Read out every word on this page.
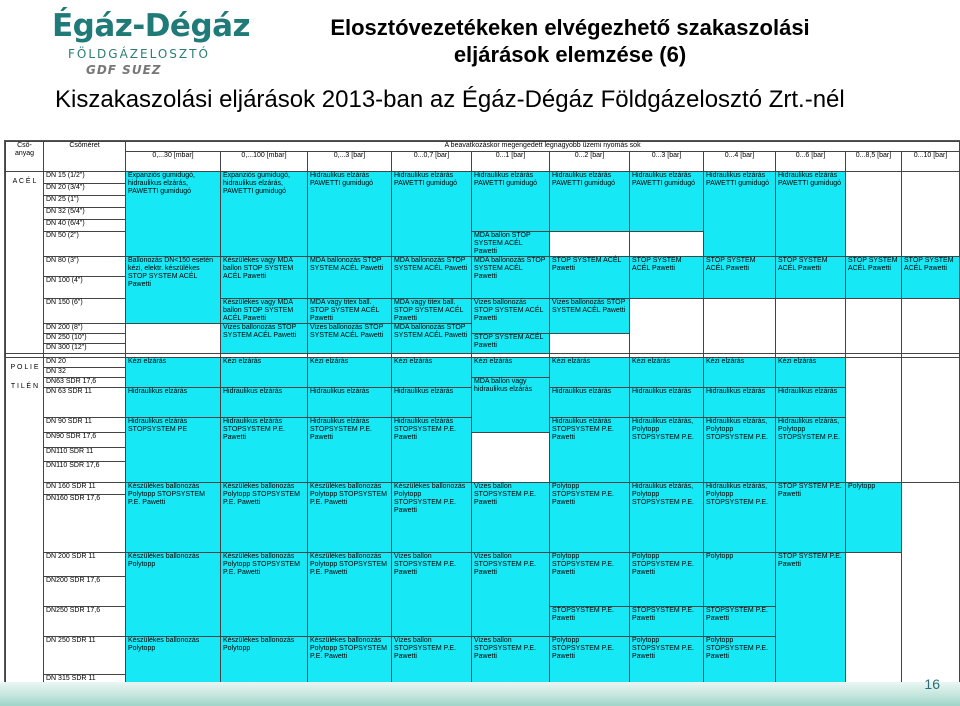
Égáz-Dégáz
FÖLDGÁZELOSZTÓ
GDF SUEZ
Elosztóvezetékeken elvégezhető szakaszolási
eljárások elemzése (6)
Kiszakaszolási eljárások 2013-ban az Égáz-Dégáz Földgázelosztó Zrt.-nél
Cső-anyag	Csőméret	A beavatkozáskor megengedett legnagyobb üzemi nyomás sok											
		0,...30 [mbar]	0,...100 [mbar]	0,...3 [bar]	0...0,7 [bar]	0...1 [bar]	0...2 [bar]	0...3 [bar]	0...4 [bar]	0...6 [bar]	0...8,5 [bar]	0...10 [bar]	
A C É L	DN 15 (1/2")	Expanziós gumidugó, hidraulikus elzárás, PAWETTI gumidugó	Expanziós gumidugó, hidraulikus elzárás, PAWETTI gumidugó	Hidraulikus elzárás PAWETTI gumidugó	Hidraulikus elzárás PAWETTI gumidugó	Hidraulikus elzárás PAWETTI gumidugó	Hidraulikus elzárás PAWETTI gumidugó	Hidraulikus elzárás PAWETTI gumidugó	Hidraulikus elzárás PAWETTI gumidugó	Hidraulikus elzárás PAWETTI gumidugó			
	DN 20 (3/4")												
	DN 25 (1")												
	DN 32 (5/4")												
	DN 40 (6/4")												
	DN 50 (2")					MDA ballon STOP SYSTEM ACÉL Pawetti							
	DN 80 (3")	Ballonozás DN<150 esetén kézi, elektr. készülékes STOP SYSTEM ACÉL Pawetti	Készülékes vagy MDA ballon STOP SYSTEM ACÉL Pawetti	MDA ballonozás STOP SYSTEM ACÉL Pawetti	MDA ballonozás STOP SYSTEM ACÉL Pawetti	MDA ballonozás STOP SYSTEM ACÉL Pawetti	STOP SYSTEM ACÉL Pawetti	STOP SYSTEM ACÉL Pawetti	STOP SYSTEM ACÉL Pawetti	STOP SYSTEM ACÉL Pawetti	STOP SYSTEM ACÉL Pawetti	STOP SYSTEM ACÉL Pawetti	
	DN 100 (4")												
	DN 150 (6")		Készülékes vagy MDA ballon STOP SYSTEM ACÉL Pawetti	MDA vagy titex ball. STOP SYSTEM ACÉL Pawetti	MDA vagy titex ball. STOP SYSTEM ACÉL Pawetti	Vizes ballonozás STOP SYSTEM ACÉL Pawetti	Vizes ballonozás STOP SYSTEM ACÉL Pawetti						
	DN 200 (8")		Vizes ballonozás STOP SYSTEM ACÉL Pawetti	Vizes ballonozás STOP SYSTEM ACÉL Pawetti	MDA ballonozás STOP SYSTEM ACÉL Pawetti								
	DN 250 (10")					STOP SYSTEM ACÉL Pawetti							
	DN 300 (12")												

P O L I E T I L É N	DN 20	Kézi elzárás	Kézi elzárás	Kézi elzárás	Kézi elzárás	Kézi elzárás	Kézi elzárás	Kézi elzárás	Kézi elzárás	Kézi elzárás			
	DN 32												
	DN63 SDR 17,6					MDA ballon vagy hidraulikus elzárás							
	DN 63 SDR 11	Hidraulikus elzárás	Hidraulikus elzárás	Hidraulikus elzárás	Hidraulikus elzárás		Hidraulikus elzárás	Hidraulikus elzárás	Hidraulikus elzárás	Hidraulikus elzárás			
	DN 90 SDR 11	Hidraulikus elzárás STOPSYSTEM PE	Hidraulikus elzárás STOPSYSTEM P.E. Pawetti	Hidraulikus elzárás STOPSYSTEM P.E. Pawetti	Hidraulikus elzárás STOPSYSTEM P.E. Pawetti		Hidraulikus elzárás STOPSYSTEM P.E. Pawetti	Hidraulikus elzárás, Polytopp STOPSYSTEM P.E.	Hidraulikus elzárás, Polytopp STOPSYSTEM P.E.	Hidraulikus elzárás, Polytopp STOPSYSTEM P.E.	
	DN90 SDR 17,6												
	DN110 SDR 11												
	DN110 SDR 17,6												
	DN 160 SDR 11	Készülékes ballonozás Polytopp STOPSYSTEM P.E. Pawetti	Készülékes ballonozás Polytopp STOPSYSTEM P.E. Pawetti	Készülékes ballonozás Polytopp STOPSYSTEM P.E. Pawetti	Készülékes ballonozás Polytopp STOPSYSTEM P.E. Pawetti	Vizes ballon STOPSYSTEM P.E. Pawetti	Polytopp STOPSYSTEM P.E. Pawetti	Hidraulikus elzárás, Polytopp STOPSYSTEM P.E.	Hidraulikus elzárás, Polytopp STOPSYSTEM P.E.	STOP SYSTEM P.E. Pawetti	Polytopp		
	DN160 SDR 17,6												
	DN 200 SDR 11	Készülékes ballonozás Polytopp	Készülékes ballonozás Polytopp STOPSYSTEM P.E. Pawetti	Készülékes ballonozás Polytopp STOPSYSTEM P.E. Pawetti	Vizes ballon STOPSYSTEM P.E. Pawetti	Vizes ballon STOPSYSTEM P.E. Pawetti	Polytopp STOPSYSTEM P.E. Pawetti	Polytopp STOPSYSTEM P.E. Pawetti	Polytopp	STOP SYSTEM P.E. Pawetti			
	DN200 SDR 17,6												
	DN250 SDR 17,6						STOPSYSTEM P.E. Pawetti	STOPSYSTEM P.E. Pawetti	STOPSYSTEM P.E. Pawetti				
	DN 250 SDR 11	Készülékes ballonozás Polytopp	Készülékes ballonozás Polytopp	Készülékes ballonozás Polytopp STOPSYSTEM P.E. Pawetti	Vizes ballon STOPSYSTEM P.E. Pawetti	Vizes ballon STOPSYSTEM P.E. Pawetti	Polytopp STOPSYSTEM P.E. Pawetti	Polytopp STOPSYSTEM P.E. Pawetti	Polytopp STOPSYSTEM P.E. Pawetti				
	DN 315 SDR 11													16
